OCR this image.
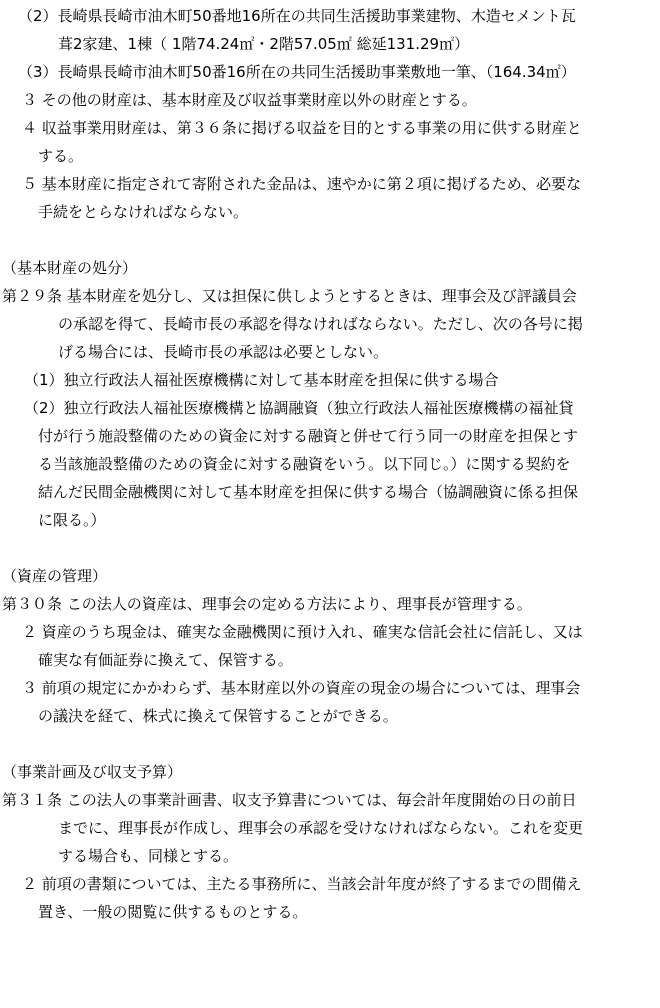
（2）長崎県長崎市油木町50番地16所在の共同生活援助事業建物、木造セメント瓦
葺2家建、1棟（ 1階74.24㎡・2階57.05㎡ 総延131.29㎡）
（3）長崎県長崎市油木町50番16所在の共同生活援助事業敷地一筆、（164.34㎡）
３ その他の財産は、基本財産及び収益事業財産以外の財産とする。
４ 収益事業用財産は、第３６条に掲げる収益を目的とする事業の用に供する財産と
する。
５ 基本財産に指定されて寄附された金品は、速やかに第２項に掲げるため、必要な
手続をとらなければならない。
（基本財産の処分）
第２９条 基本財産を処分し、又は担保に供しようとするときは、理事会及び評議員会
の承認を得て、長崎市長の承認を得なければならない。ただし、次の各号に掲
げる場合には、長崎市長の承認は必要としない。
（1）独立行政法人福祉医療機構に対して基本財産を担保に供する場合
（2）独立行政法人福祉医療機構と協調融資（独立行政法人福祉医療機構の福祉貸
付が行う施設整備のための資金に対する融資と併せて行う同一の財産を担保とす
る当該施設整備のための資金に対する融資をいう。以下同じ。）に関する契約を
結んだ民間金融機関に対して基本財産を担保に供する場合（協調融資に係る担保
に限る。）
（資産の管理）
第３０条 この法人の資産は、理事会の定める方法により、理事長が管理する。
２ 資産のうち現金は、確実な金融機関に預け入れ、確実な信託会社に信託し、又は
確実な有価証券に換えて、保管する。
３ 前項の規定にかかわらず、基本財産以外の資産の現金の場合については、理事会
の議決を経て、株式に換えて保管することができる。
（事業計画及び収支予算）
第３１条 この法人の事業計画書、収支予算書については、毎会計年度開始の日の前日
までに、理事長が作成し、理事会の承認を受けなければならない。これを変更
する場合も、同様とする。
２ 前項の書類については、主たる事務所に、当該会計年度が終了するまでの間備え
置き、一般の閲覧に供するものとする。
